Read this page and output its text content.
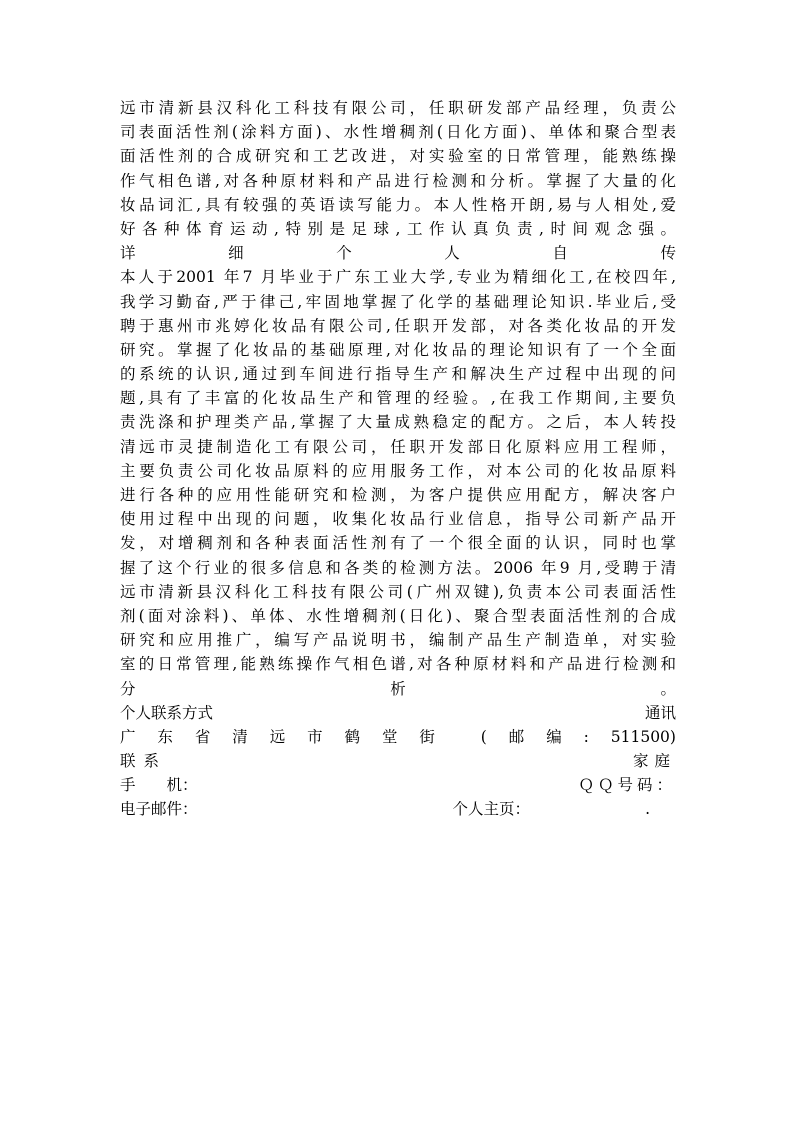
远市清新县汉科化工科技有限公司，任职研发部产品经理，负责公
司表面活性剂(涂料方面)、水性增稠剂(日化方面)、单体和聚合型表
面活性剂的合成研究和工艺改进，对实验室的日常管理，能熟练操
作气相色谱,对各种原材料和产品进行检测和分析。掌握了大量的化
妆品词汇,具有较强的英语读写能力。本人性格开朗,易与人相处,爱
好各种体育运动,特别是足球,工作认真负责,时间观念强。
详	细	个	人	自	传
本人于2001 年7 月毕业于广东工业大学,专业为精细化工,在校四年,
我学习勤奋,严于律己,牢固地掌握了化学的基础理论知识.毕业后,受
聘于惠州市兆婷化妆品有限公司,任职开发部，对各类化妆品的开发
研究。掌握了化妆品的基础原理,对化妆品的理论知识有了一个全面
的系统的认识,通过到车间进行指导生产和解决生产过程中出现的问
题,具有了丰富的化妆品生产和管理的经验。,在我工作期间,主要负
责洗涤和护理类产品,掌握了大量成熟稳定的配方。之后，本人转投
清远市灵捷制造化工有限公司，任职开发部日化原料应用工程师，
主要负责公司化妆品原料的应用服务工作，对本公司的化妆品原料
进行各种的应用性能研究和检测，为客户提供应用配方，解决客户
使用过程中出现的问题，收集化妆品行业信息，指导公司新产品开
发，对增稠剂和各种表面活性剂有了一个很全面的认识，同时也掌
握了这个行业的很多信息和各类的检测方法。2006 年9 月,受聘于清
远市清新县汉科化工科技有限公司(广州双键),负责本公司表面活性
剂(面对涂料)、单体、水性增稠剂(日化)、聚合型表面活性剂的合成
研究和应用推广，编写产品说明书，编制产品生产制造单，对实验
室的日常管理,能熟练操作气相色谱,对各种原材料和产品进行检测和
分	析	。
个人联系方式	通讯
广 东 省 清 远 市 鹤 堂 街	( 邮 编 : 511500)
联系	家庭
手　　机：	ＱＱ号码：
电子邮件：	个人主页：	.
